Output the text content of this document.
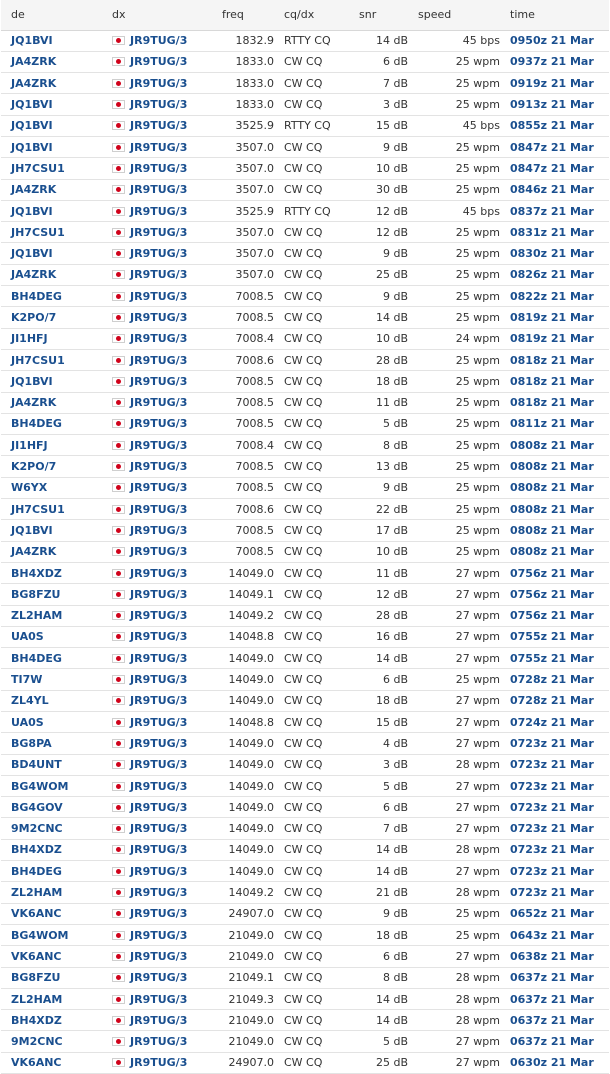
de	dx	freq	cq/dx	snr	speed	time
JQ1BVI	JR9TUG/3	1832.9	RTTY CQ	14 dB	45 bps	0950z 21 Mar
JA4ZRK	JR9TUG/3	1833.0	CW CQ	6 dB	25 wpm	0937z 21 Mar
JA4ZRK	JR9TUG/3	1833.0	CW CQ	7 dB	25 wpm	0919z 21 Mar
JQ1BVI	JR9TUG/3	1833.0	CW CQ	3 dB	25 wpm	0913z 21 Mar
JQ1BVI	JR9TUG/3	3525.9	RTTY CQ	15 dB	45 bps	0855z 21 Mar
JQ1BVI	JR9TUG/3	3507.0	CW CQ	9 dB	25 wpm	0847z 21 Mar
JH7CSU1	JR9TUG/3	3507.0	CW CQ	10 dB	25 wpm	0847z 21 Mar
JA4ZRK	JR9TUG/3	3507.0	CW CQ	30 dB	25 wpm	0846z 21 Mar
JQ1BVI	JR9TUG/3	3525.9	RTTY CQ	12 dB	45 bps	0837z 21 Mar
JH7CSU1	JR9TUG/3	3507.0	CW CQ	12 dB	25 wpm	0831z 21 Mar
JQ1BVI	JR9TUG/3	3507.0	CW CQ	9 dB	25 wpm	0830z 21 Mar
JA4ZRK	JR9TUG/3	3507.0	CW CQ	25 dB	25 wpm	0826z 21 Mar
BH4DEG	JR9TUG/3	7008.5	CW CQ	9 dB	25 wpm	0822z 21 Mar
K2PO/7	JR9TUG/3	7008.5	CW CQ	14 dB	25 wpm	0819z 21 Mar
JI1HFJ	JR9TUG/3	7008.4	CW CQ	10 dB	24 wpm	0819z 21 Mar
JH7CSU1	JR9TUG/3	7008.6	CW CQ	28 dB	25 wpm	0818z 21 Mar
JQ1BVI	JR9TUG/3	7008.5	CW CQ	18 dB	25 wpm	0818z 21 Mar
JA4ZRK	JR9TUG/3	7008.5	CW CQ	11 dB	25 wpm	0818z 21 Mar
BH4DEG	JR9TUG/3	7008.5	CW CQ	5 dB	25 wpm	0811z 21 Mar
JI1HFJ	JR9TUG/3	7008.4	CW CQ	8 dB	25 wpm	0808z 21 Mar
K2PO/7	JR9TUG/3	7008.5	CW CQ	13 dB	25 wpm	0808z 21 Mar
W6YX	JR9TUG/3	7008.5	CW CQ	9 dB	25 wpm	0808z 21 Mar
JH7CSU1	JR9TUG/3	7008.6	CW CQ	22 dB	25 wpm	0808z 21 Mar
JQ1BVI	JR9TUG/3	7008.5	CW CQ	17 dB	25 wpm	0808z 21 Mar
JA4ZRK	JR9TUG/3	7008.5	CW CQ	10 dB	25 wpm	0808z 21 Mar
BH4XDZ	JR9TUG/3	14049.0	CW CQ	11 dB	27 wpm	0756z 21 Mar
BG8FZU	JR9TUG/3	14049.1	CW CQ	12 dB	27 wpm	0756z 21 Mar
ZL2HAM	JR9TUG/3	14049.2	CW CQ	28 dB	27 wpm	0756z 21 Mar
UA0S	JR9TUG/3	14048.8	CW CQ	16 dB	27 wpm	0755z 21 Mar
BH4DEG	JR9TUG/3	14049.0	CW CQ	14 dB	27 wpm	0755z 21 Mar
TI7W	JR9TUG/3	14049.0	CW CQ	6 dB	25 wpm	0728z 21 Mar
ZL4YL	JR9TUG/3	14049.0	CW CQ	18 dB	27 wpm	0728z 21 Mar
UA0S	JR9TUG/3	14048.8	CW CQ	15 dB	27 wpm	0724z 21 Mar
BG8PA	JR9TUG/3	14049.0	CW CQ	4 dB	27 wpm	0723z 21 Mar
BD4UNT	JR9TUG/3	14049.0	CW CQ	3 dB	28 wpm	0723z 21 Mar
BG4WOM	JR9TUG/3	14049.0	CW CQ	5 dB	27 wpm	0723z 21 Mar
BG4GOV	JR9TUG/3	14049.0	CW CQ	6 dB	27 wpm	0723z 21 Mar
9M2CNC	JR9TUG/3	14049.0	CW CQ	7 dB	27 wpm	0723z 21 Mar
BH4XDZ	JR9TUG/3	14049.0	CW CQ	14 dB	28 wpm	0723z 21 Mar
BH4DEG	JR9TUG/3	14049.0	CW CQ	14 dB	27 wpm	0723z 21 Mar
ZL2HAM	JR9TUG/3	14049.2	CW CQ	21 dB	28 wpm	0723z 21 Mar
VK6ANC	JR9TUG/3	24907.0	CW CQ	9 dB	25 wpm	0652z 21 Mar
BG4WOM	JR9TUG/3	21049.0	CW CQ	18 dB	25 wpm	0643z 21 Mar
VK6ANC	JR9TUG/3	21049.0	CW CQ	6 dB	27 wpm	0638z 21 Mar
BG8FZU	JR9TUG/3	21049.1	CW CQ	8 dB	28 wpm	0637z 21 Mar
ZL2HAM	JR9TUG/3	21049.3	CW CQ	14 dB	28 wpm	0637z 21 Mar
BH4XDZ	JR9TUG/3	21049.0	CW CQ	14 dB	28 wpm	0637z 21 Mar
9M2CNC	JR9TUG/3	21049.0	CW CQ	5 dB	27 wpm	0637z 21 Mar
VK6ANC	JR9TUG/3	24907.0	CW CQ	25 dB	27 wpm	0630z 21 Mar
